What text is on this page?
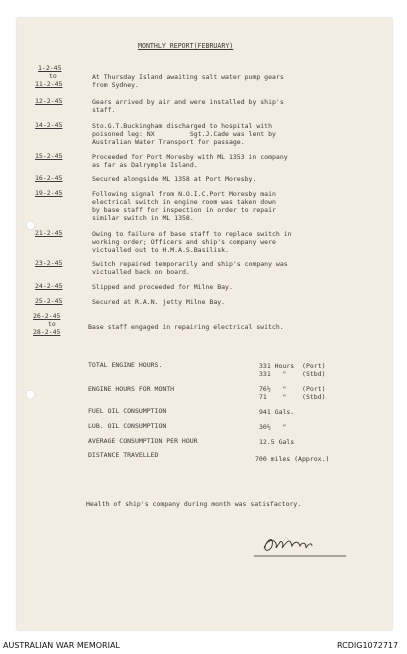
MONTHLY REPORT(FEBRUARY)
1-2-45
to
11-2-45
At Thursday Island awaiting salt water pump gears
from Sydney.
12-2-45	Gears arrived by air and were installed by ship's
staff.
14-2-45	Sto.G.T.Buckingham discharged to hospital with
poisoned leg: NX         Sgt.J.Cade was lent by
Australian Water Transport for passage.
15-2-45	Proceeded for Port Moresby with ML 1353 in company
as far as Dalrymple Island.
16-2-45	Secured alongside ML 1358 at Port Moresby.
19-2-45	Following signal from N.O.I.C.Port Moresby main
electrical switch in engine room was taken down
by base staff for inspection in order to repair
similar switch in ML 1358.
21-2-45	Owing to failure of base staff to replace switch in
working order; Officers and ship's company were
victualled out to H.M.A.S.Basilisk.
23-2-45	Switch repaired temporarily and ship's company was
victualled back on board.
24-2-45	Slipped and proceeded for Milne Bay.
25-2-45	Secured at R.A.N. jetty Milne Bay.
26-2-45
to
28-2-45
Base staff engaged in repairing electrical switch.
TOTAL ENGINE HOURS.	331 Hours  (Port)
331   "    (Stbd)
ENGINE HOURS FOR MONTH	76½   "    (Port)
71    "    (Stbd)
FUEL OIL CONSUMPTION	941 Gals.
LUB. OIL CONSUMPTION	30½   "
AVERAGE CONSUMPTION PER HOUR	12.5 Gals
DISTANCE TRAVELLED	700 miles (Approx.)
Health of ship's company during month was satisfactory.
AUSTRALIAN WAR MEMORIAL	RCDIG1072717
